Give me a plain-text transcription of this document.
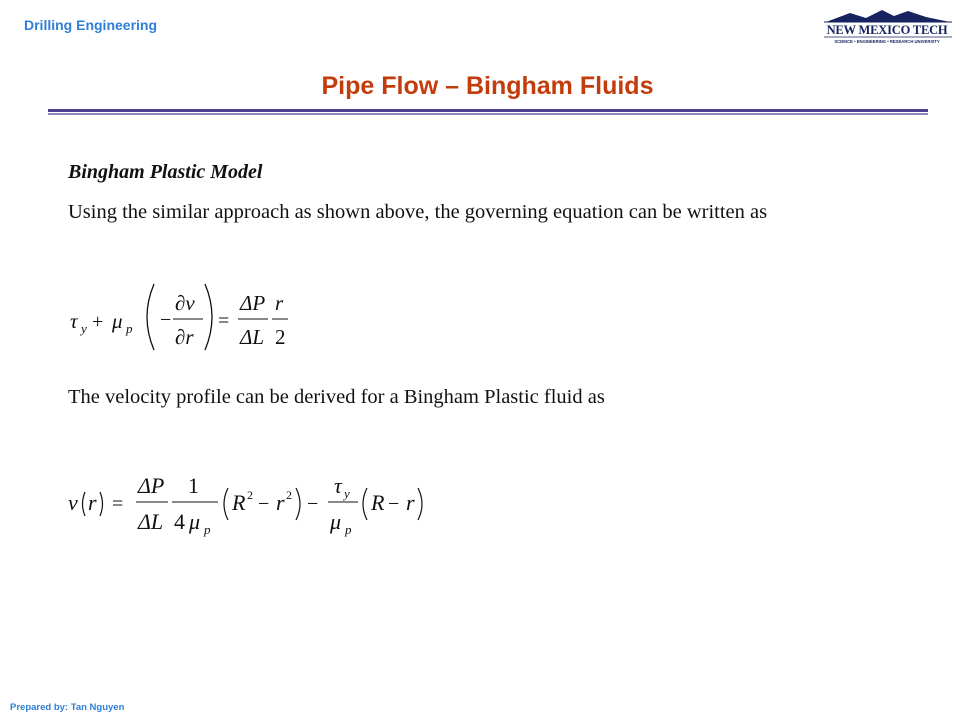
Drilling Engineering	NEW MEXICO TECH
SCIENCE • ENGINEERING • RESEARCH UNIVERSITY
Pipe Flow – Bingham Fluids
Bingham Plastic Model
Using the similar approach as shown above, the governing equation can be written as
τ y + μ p −
∂v
∂r
=
ΔP
ΔL
r
2
The velocity profile can be derived for a Bingham Plastic fluid as
v r =
ΔP
ΔL
1
4 μ p
R 2 − r 2 −
τ y
μ p
R − r
Prepared by: Tan Nguyen
